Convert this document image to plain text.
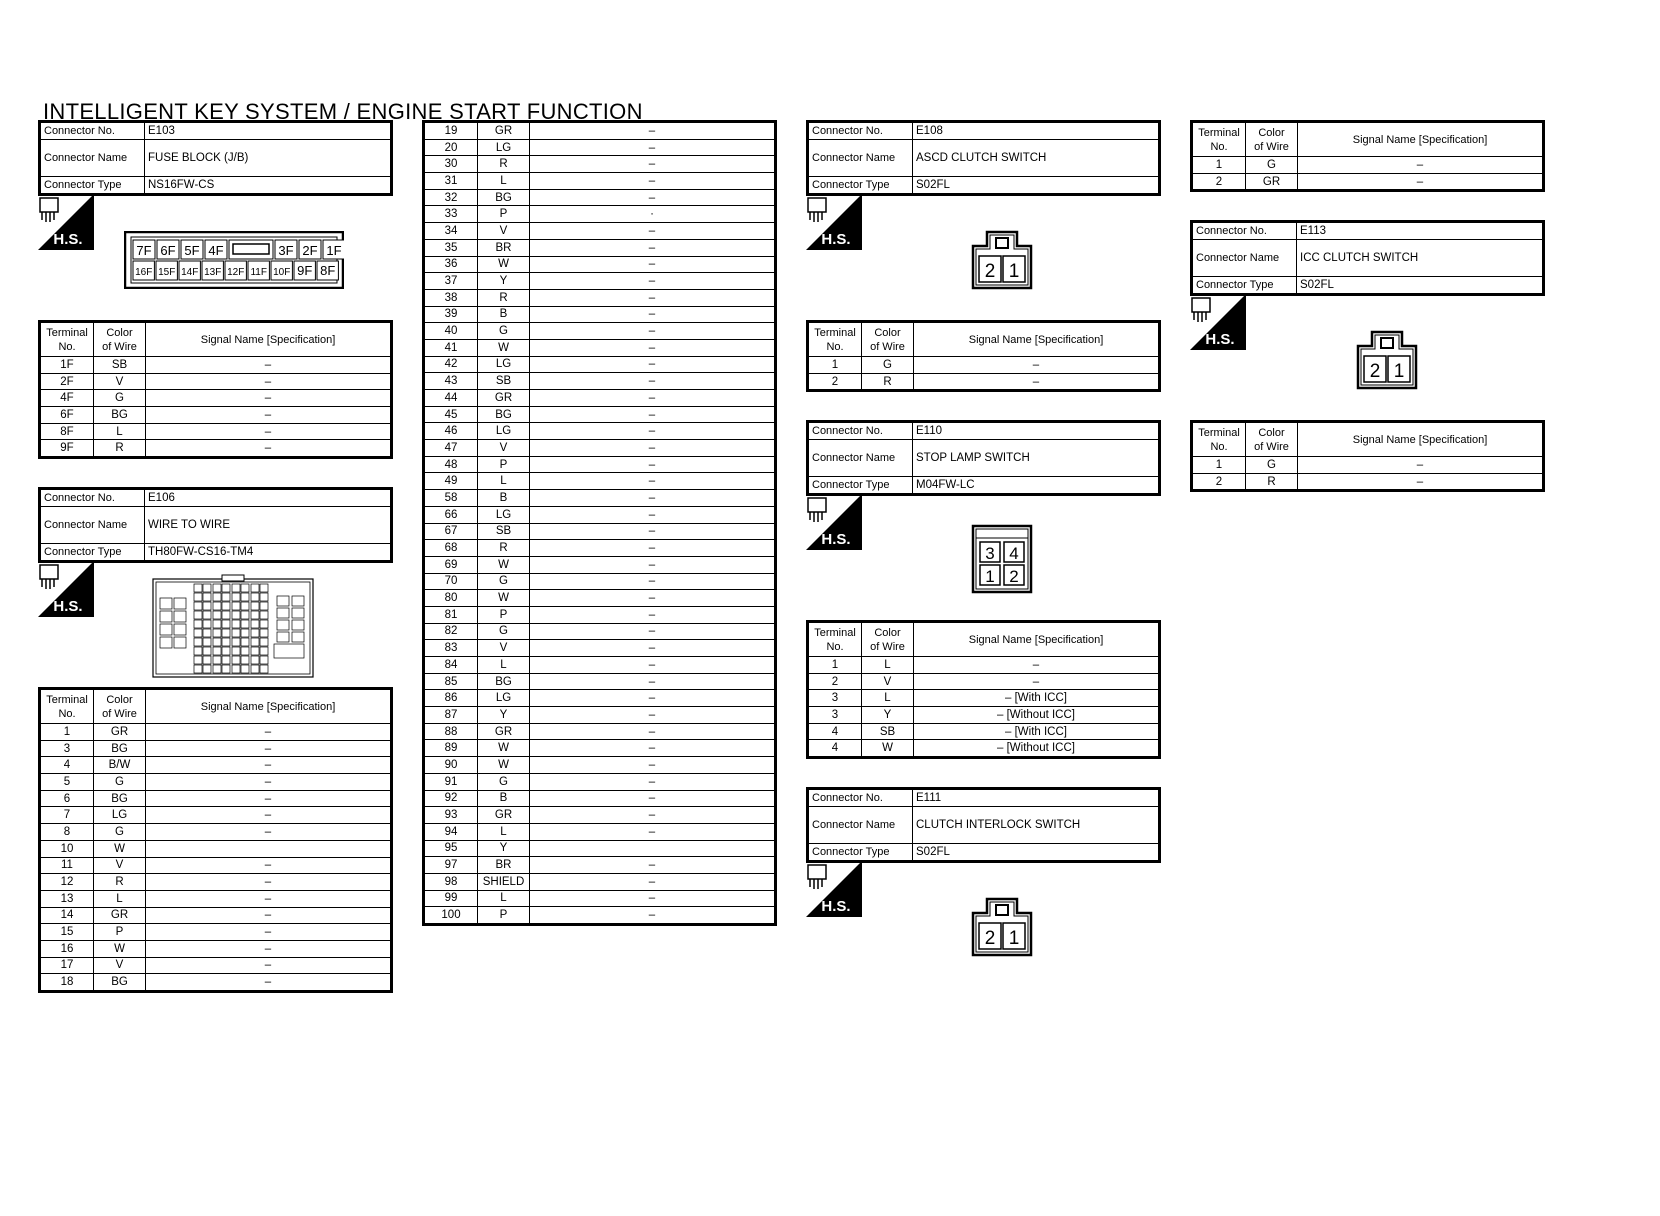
INTELLIGENT KEY SYSTEM / ENGINE START FUNCTION
Connector No.	E103
Connector Name	FUSE BLOCK (J/B)
Connector Type	NS16FW-CS
H.S.
7F 6F 5F 4F	3F 2F 1F
16F 15F 14F 13F 12F 11F 10F 9F 8F
Terminal
No.	Color
of Wire	Signal Name [Specification]
1F	SB	–
2F	V	–
4F	G	–
6F	BG	–
8F	L	–
9F	R	–
Connector No.	E106
Connector Name	WIRE TO WIRE
Connector Type	TH80FW-CS16-TM4
H.S.
Terminal
No.	Color
of Wire	Signal Name [Specification]
1	GR	–
3	BG	–
4	B/W	–
5	G	–
6	BG	–
7	LG	–
8	G	–
10	W	
11	V	–
12	R	–
13	L	–
14	GR	–
15	P	–
16	W	–
17	V	–
18	BG	–
19	GR	–
20	LG	–
30	R	–
31	L	–
32	BG	–
33	P	·
34	V	–
35	BR	–
36	W	–
37	Y	–
38	R	–
39	B	–
40	G	–
41	W	–
42	LG	–
43	SB	–
44	GR	–
45	BG	–
46	LG	–
47	V	–
48	P	–
49	L	–
58	B	–
66	LG	–
67	SB	–
68	R	–
69	W	–
70	G	–
80	W	–
81	P	–
82	G	–
83	V	–
84	L	–
85	BG	–
86	LG	–
87	Y	–
88	GR	–
89	W	–
90	W	–
91	G	–
92	B	–
93	GR	–
94	L	–
95	Y	
97	BR	–
98	SHIELD	–
99	L	–
100	P	–
Connector No.	E108
Connector Name	ASCD CLUTCH SWITCH
Connector Type	S02FL
H.S.
2 1
Terminal
No.	Color
of Wire	Signal Name [Specification]
1	G	–
2	R	–
Connector No.	E110
Connector Name	STOP LAMP SWITCH
Connector Type	M04FW-LC
H.S.
3 4
1 2
Terminal
No.	Color
of Wire	Signal Name [Specification]
1	L	–
2	V	–
3	L	– [With ICC]
3	Y	– [Without ICC]
4	SB	– [With ICC]
4	W	– [Without ICC]
Connector No.	E111
Connector Name	CLUTCH INTERLOCK SWITCH
Connector Type	S02FL
H.S.
2 1
Terminal
No.	Color
of Wire	Signal Name [Specification]
1	G	–
2	GR	–
Connector No.	E113
Connector Name	ICC CLUTCH SWITCH
Connector Type	S02FL
H.S.
2 1
Terminal
No.	Color
of Wire	Signal Name [Specification]
1	G	–
2	R	–
